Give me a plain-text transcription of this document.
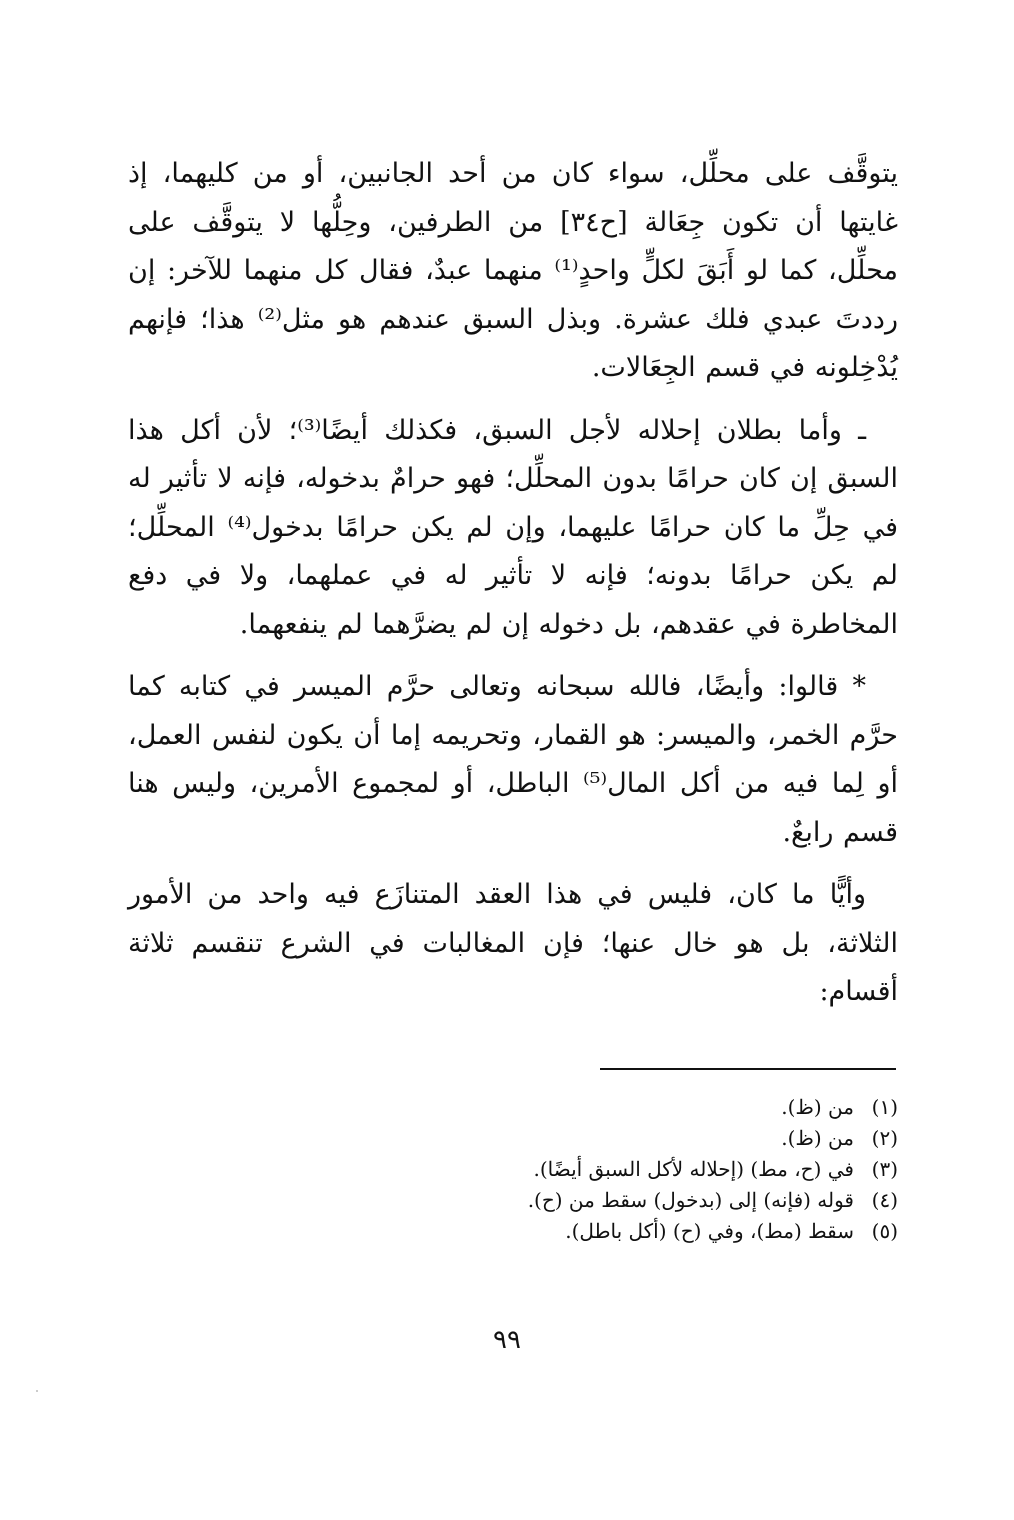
يتوقَّف على محلِّل، سواء كان من أحد الجانبين، أو من كليهما، إذ غايتها أن تكون جِعَالة [ح٣٤] من الطرفين، وحِلُّها لا يتوقَّف على محلِّل، كما لو أَبَقَ لكلٍّ واحدٍ⁽¹⁾ منهما عبدٌ، فقال كل منهما للآخر: إن رددتَ عبدي فلك عشرة. وبذل السبق عندهم هو مثل⁽²⁾ هذا؛ فإنهم يُدْخِلونه في قسم الجِعَالات.

ـ وأما بطلان إحلاله لأجل السبق، فكذلك أيضًا⁽³⁾؛ لأن أكل هذا السبق إن كان حرامًا بدون المحلِّل؛ فهو حرامٌ بدخوله، فإنه لا تأثير له في حِلِّ ما كان حرامًا عليهما، وإن لم يكن حرامًا بدخول⁽⁴⁾ المحلِّل؛ لم يكن حرامًا بدونه؛ فإنه لا تأثير له في عملهما، ولا في دفع المخاطرة في عقدهم، بل دخوله إن لم يضرَّهما لم ينفعهما.

* قالوا: وأيضًا، فالله سبحانه وتعالى حرَّم الميسر في كتابه كما حرَّم الخمر، والميسر: هو القمار، وتحريمه إما أن يكون لنفس العمل، أو لِما فيه من أكل المال⁽⁵⁾ الباطل، أو لمجموع الأمرين، وليس هنا قسم رابعٌ.

وأيًّا ما كان، فليس في هذا العقد المتنازَع فيه واحد من الأمور الثلاثة، بل هو خال عنها؛ فإن المغالبات في الشرع تنقسم ثلاثة أقسام:

(١)
من (ظ).
(٢)
من (ظ).
(٣)
في (ح، مط) (إحلاله لأكل السبق أيضًا).
(٤)
قوله (فإنه) إلى (بدخول) سقط من (ح).
(٥)
سقط (مط)، وفي (ح) (أكل باطل).
٩٩
